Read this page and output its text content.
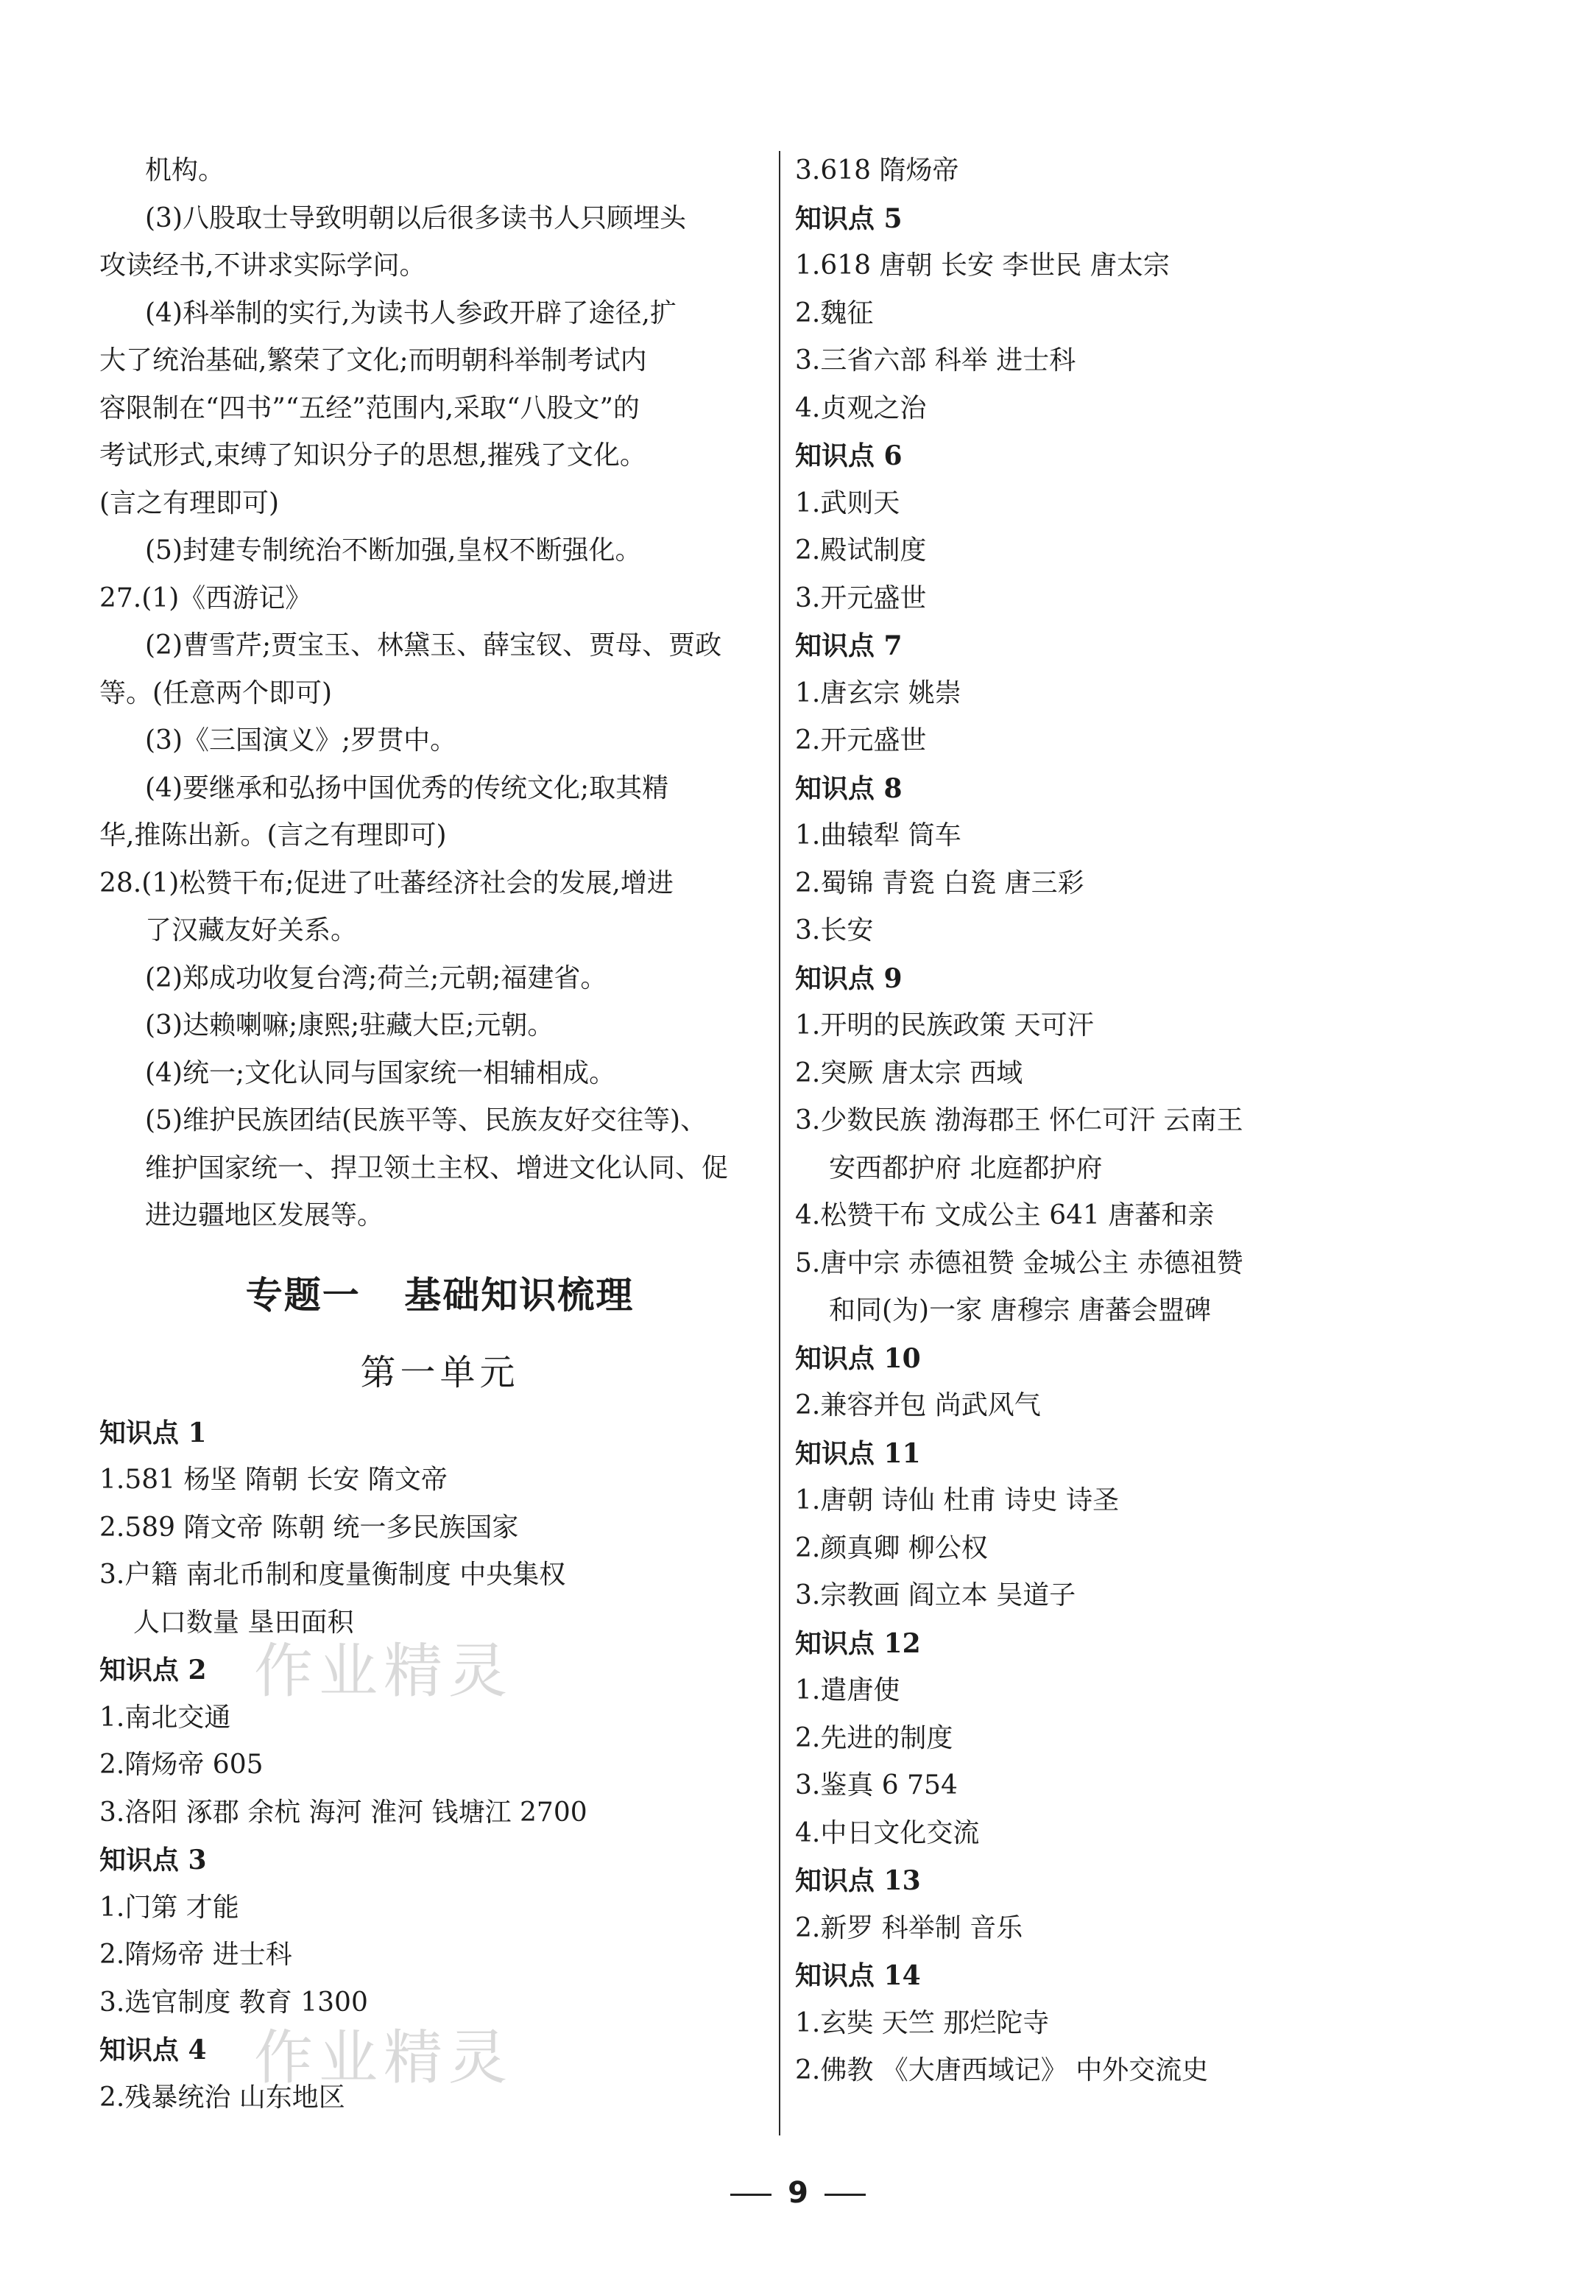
机构。
(3)八股取士导致明朝以后很多读书人只顾埋头
攻读经书,不讲求实际学问。
(4)科举制的实行,为读书人参政开辟了途径,扩
大了统治基础,繁荣了文化;而明朝科举制考试内
容限制在“四书”“五经”范围内,采取“八股文”的
考试形式,束缚了知识分子的思想,摧残了文化。
(言之有理即可)
(5)封建专制统治不断加强,皇权不断强化。
27.(1)《西游记》
(2)曹雪芹;贾宝玉、林黛玉、薛宝钗、贾母、贾政
等。(任意两个即可)
(3)《三国演义》;罗贯中。
(4)要继承和弘扬中国优秀的传统文化;取其精
华,推陈出新。(言之有理即可)
28.(1)松赞干布;促进了吐蕃经济社会的发展,增进
了汉藏友好关系。
(2)郑成功收复台湾;荷兰;元朝;福建省。
(3)达赖喇嘛;康熙;驻藏大臣;元朝。
(4)统一;文化认同与国家统一相辅相成。
(5)维护民族团结(民族平等、民族友好交往等)、
维护国家统一、捍卫领土主权、增进文化认同、促
进边疆地区发展等。
专题一 基础知识梳理
第一单元
知识点 1
1.581 杨坚 隋朝 长安 隋文帝
2.589 隋文帝 陈朝 统一多民族国家
3.户籍 南北币制和度量衡制度 中央集权
人口数量 垦田面积
知识点 2
1.南北交通
2.隋炀帝 605
3.洛阳 涿郡 余杭 海河 淮河 钱塘江 2700
知识点 3
1.门第 才能
2.隋炀帝 进士科
3.选官制度 教育 1300
知识点 4
2.残暴统治 山东地区
3.618 隋炀帝
知识点 5
1.618 唐朝 长安 李世民 唐太宗
2.魏征
3.三省六部 科举 进士科
4.贞观之治
知识点 6
1.武则天
2.殿试制度
3.开元盛世
知识点 7
1.唐玄宗 姚崇
2.开元盛世
知识点 8
1.曲辕犁 筒车
2.蜀锦 青瓷 白瓷 唐三彩
3.长安
知识点 9
1.开明的民族政策 天可汗
2.突厥 唐太宗 西域
3.少数民族 渤海郡王 怀仁可汗 云南王
安西都护府 北庭都护府
4.松赞干布 文成公主 641 唐蕃和亲
5.唐中宗 赤德祖赞 金城公主 赤德祖赞
和同(为)一家 唐穆宗 唐蕃会盟碑
知识点 10
2.兼容并包 尚武风气
知识点 11
1.唐朝 诗仙 杜甫 诗史 诗圣
2.颜真卿 柳公权
3.宗教画 阎立本 吴道子
知识点 12
1.遣唐使
2.先进的制度
3.鉴真 6 754
4.中日文化交流
知识点 13
2.新罗 科举制 音乐
知识点 14
1.玄奘 天竺 那烂陀寺
2.佛教 《大唐西域记》 中外交流史
作业精灵
作业精灵
9
